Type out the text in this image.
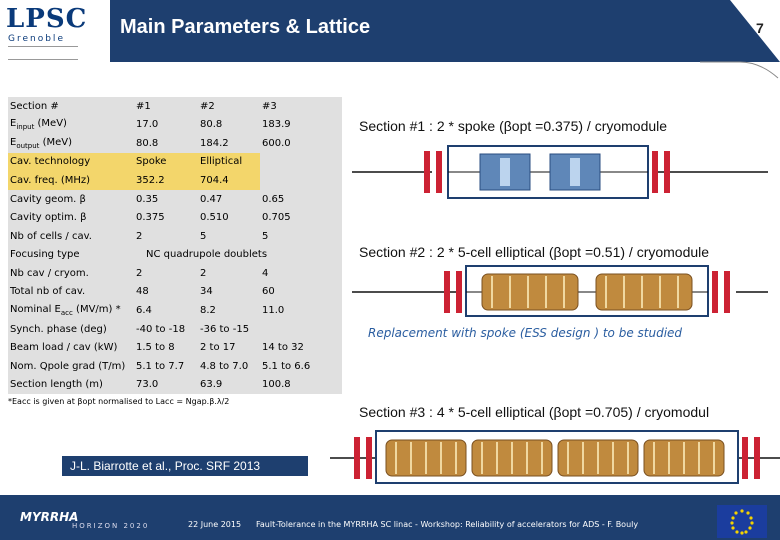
LPSC
Grenoble
Main Parameters & Lattice	7
Section #	#1	#2	#3
$E_{input}$ (MeV)	17.0	80.8	183.9
$E_{output}$ (MeV)	80.8	184.2	600.0
Cav. technology	Spoke	Elliptical	
Cav. freq. (MHz)	352.2	704.4	
Cavity geom. β	0.35	0.47	0.65
Cavity optim. β	0.375	0.510	0.705
Nb of cells / cav.	2	5	5
Focusing type	NC quadrupole doublets		
Nb cav / cryom.	2	2	4
Total nb of cav.	48	34	60
Nominal $E_{acc}$ (MV/m) *	6.4	8.2	11.0
Synch. phase (deg)	-40 to -18	-36 to -15	
Beam load / cav (kW)	1.5 to 8	2 to 17	14 to 32
Nom. Qpole grad (T/m)	5.1 to 7.7	4.8 to 7.0	5.1 to 6.6
Section length (m)	73.0	63.9	100.8
*Eacc is given at βopt normalised to Lacc = Ngap.β.λ/2
Section #1 : 2 * spoke (βopt =0.375) / cryomodule
Section #2 : 2 * 5-cell elliptical (βopt =0.51) / cryomodule
Replacement with spoke (ESS design ) to be studied
Section #3 : 4 * 5-cell elliptical (βopt =0.705) / cryomodul
J-L. Biarrotte et al., Proc. SRF 2013
MYRRHA
HORIZON 2020	22 June 2015 Fault-Tolerance in the MYRRHA SC linac - Workshop: Reliability of accelerators for ADS - F. Bouly
